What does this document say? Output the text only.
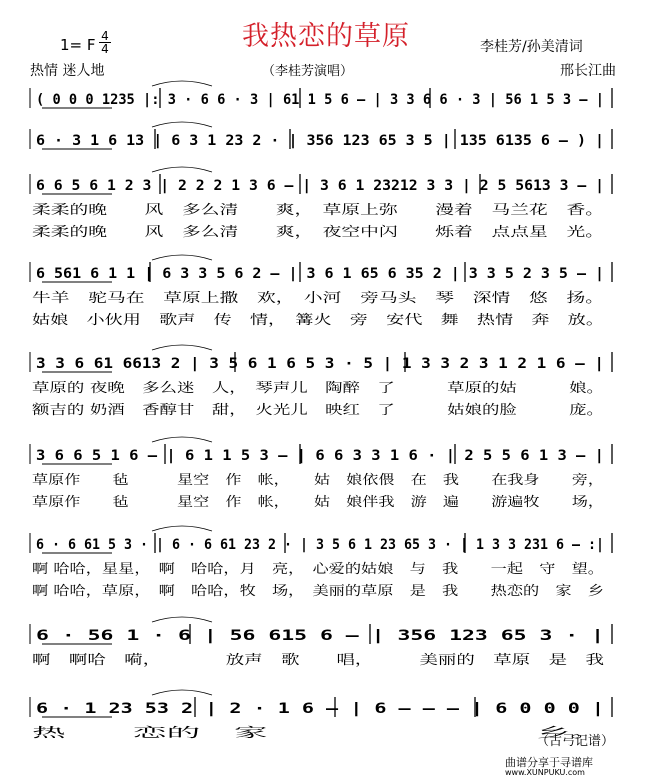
我热恋的草原
1= F 4
4
热情 迷人地	（李桂芳演唱）
李桂芳/孙美清词
邢长江曲
( 0 0 0 1235 |: 3 · 6 6 · 3 | 61 1 5 6 – | 3 3 6 6 · 3 | 56 1 5 3 – |
6 · 3 1 6 13 | 6 3 1 23 2 · | 356 123 65 3 5 | 135 6135 6 – ) |
6 6 5 6 1 2 3 | 2 2 2 1 3 6 – | 3 6 1 23212 3 3 | 2 5 5613 3 – |
柔柔的晚　　风　多么清　　爽，　草原上弥　　漫着　马兰花　香。
柔柔的晚　　风　多么清　　爽，　夜空中闪　　烁着　点点星　光。
6 561 6 1 1 | 6 3 3 5 6 2 – | 3 6 1 65 6 35 2 | 3 3 5 2 3 5 – |
牛羊　驼马在　草原上撒　欢，　小河　旁马头　琴　深情　悠　扬。
姑娘　小伙用　歌声　传　情，　篝火　旁　安代　舞　热情　奔　放。
3 3 6 61 6613 2 | 3 5 6 1 6 5 3 · 5 | 1 3 3 2 3 1 2 1 6 – |
草原的 夜晚　多么迷　人，　琴声儿　陶醉　了　　　草原的姑　　　娘。
额吉的 奶酒　香醇甘　甜，　火光儿　映红　了　　　姑娘的脸　　　庞。
3 6 6 5 1 6 – | 6 1 1 5 3 – | 6 6 3 3 1 6 · | 2 5 5 6 1 3 – |
草原作　　毡　　　星空　作　帐，　　姑　娘依偎　在　我　　在我身　　旁，
草原作　　毡　　　星空　作　帐，　　姑　娘伴我　游　遍　　游遍牧　　场，
6 · 6 61 5 3 · | 6 · 6 61 23 2 · | 3 5 6 1 23 65 3 · | 1 3 3 231 6 – :|
啊 哈哈，星星，　啊　哈哈，月　亮，　心爱的姑娘　与　我　　一起　守　望。
啊 哈哈，草原，　啊　哈哈，牧　场，　美丽的草原　是　我　　热恋的　家　乡
6 · 56 1 · 6 | 56 615 6 – | 356 123 65 3 · |
啊　啊哈　嗬，　　　　放声　歌　　唱，　　　美丽的　草原　是　我
6 · 1 23 53 2 | 2 · 1 6 – | 6 – – – | 6 0 0 0 |
热　　恋的　家　　　　　　　　乡。
（古弓记谱）
曲谱分享于寻谱库
www.XUNPUKU.com
